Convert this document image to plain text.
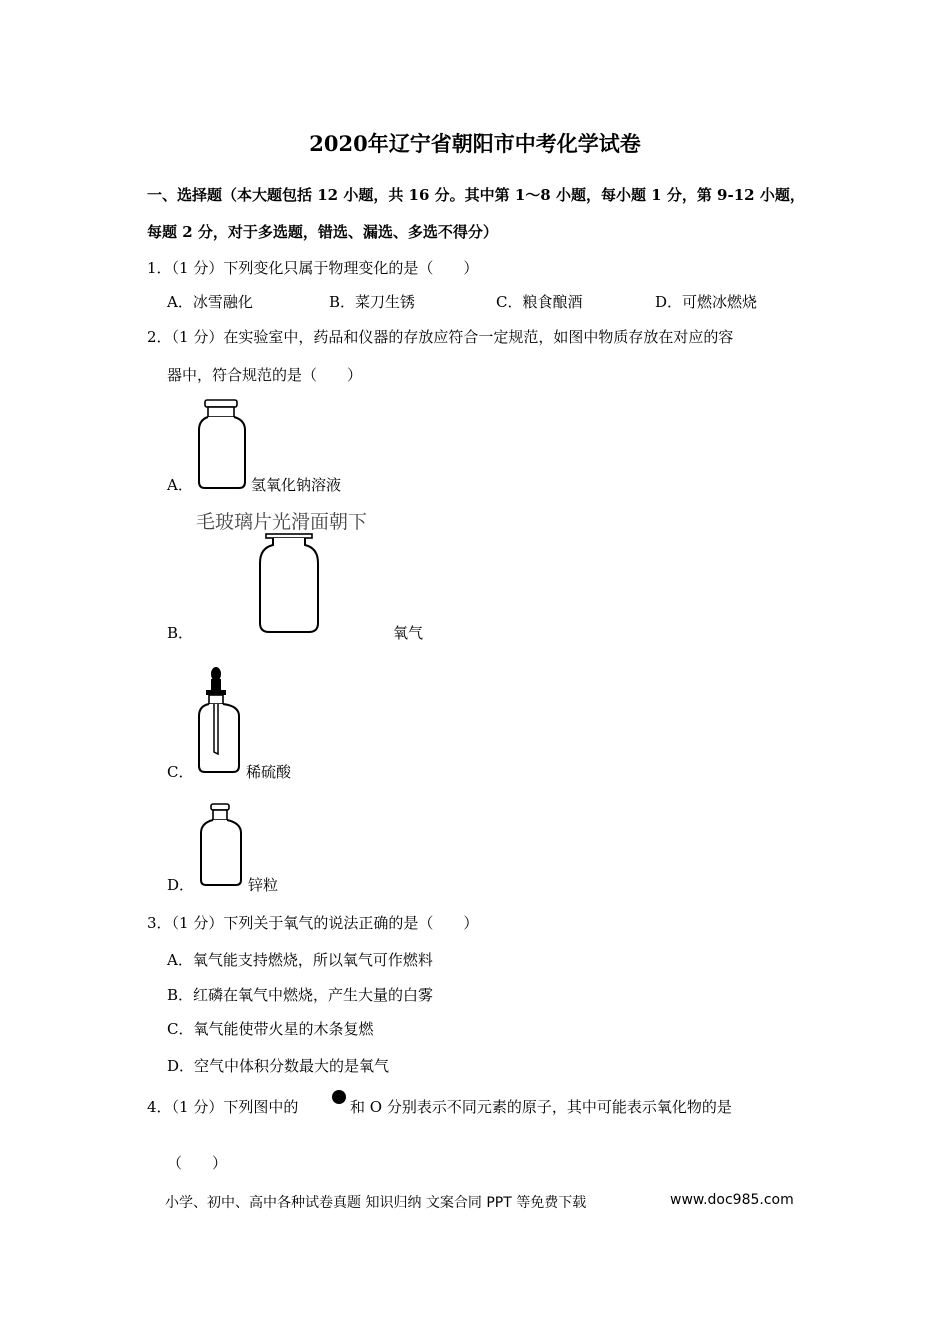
2020年辽宁省朝阳市中考化学试卷
一、选择题（本大题包括 12 小题，共 16 分。其中第 1～8 小题，每小题 1 分，第 9-12 小题，
每题 2 分，对于多选题，错选、漏选、多选不得分）
1．（1 分）下列变化只属于物理变化的是（　　）
A．冰雪融化	B．菜刀生锈	C．粮食酿酒	D．可燃冰燃烧
2．（1 分）在实验室中，药品和仪器的存放应符合一定规范，如图中物质存放在对应的容
器中，符合规范的是（　　）
A．	氢氧化钠溶液
毛玻璃片光滑面朝下
B．	氧气
C．	稀硫酸
D．	锌粒
3．（1 分）下列关于氧气的说法正确的是（　　）
A．氧气能支持燃烧，所以氧气可作燃料
B．红磷在氧气中燃烧，产生大量的白雾
C．氧气能使带火星的木条复燃
D．空气中体积分数最大的是氧气
4．（1 分）下列图中的	和 O 分别表示不同元素的原子，其中可能表示氧化物的是
（　　）
小学、初中、高中各种试卷真题 知识归纳 文案合同 PPT 等免费下载	www.doc985.com
